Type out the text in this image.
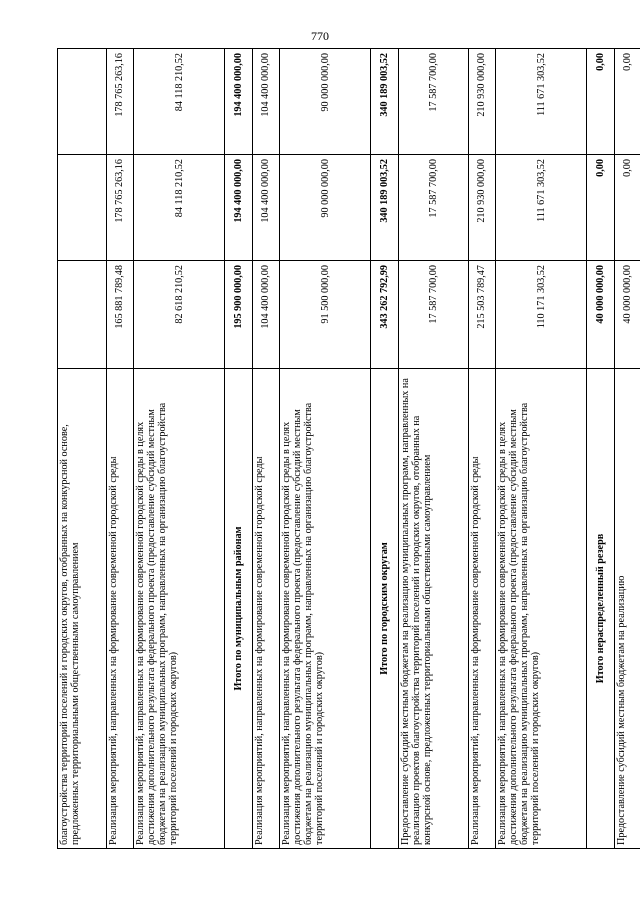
770
благоустройства территорий поселений и городских округов, отобранных на конкурсной основе, предложенных территориальными общественными самоуправлением			
Реализация мероприятий, направленных на формирование современной городской среды	165 881 789,48	178 765 263,16	178 765 263,16
Реализация мероприятий, направленных на формирование современной городской среды в целях достижения дополнительного результата федерального проекта (предоставление субсидий местным бюджетам на реализацию муниципальных программ, направленных на организацию благоустройства территорий поселений и городских округов)	82 618 210,52	84 118 210,52	84 118 210,52
Итого по муниципальным районам	195 900 000,00	194 400 000,00	194 400 000,00
Реализация мероприятий, направленных на формирование современной городской среды	104 400 000,00	104 400 000,00	104 400 000,00
Реализация мероприятий, направленных на формирование современной городской среды в целях достижения дополнительного результата федерального проекта (предоставление субсидий местным бюджетам на реализацию муниципальных программ, направленных на организацию благоустройства территорий поселений и городских округов)	91 500 000,00	90 000 000,00	90 000 000,00
Итого по городским округам	343 262 792,99	340 189 003,52	340 189 003,52
Предоставление субсидий местным бюджетам на реализацию муниципальных программ, направленных на реализацию проектов благоустройства территорий поселений и городских округов, отобранных на конкурсной основе, предложенных территориальными общественными самоуправлением	17 587 700,00	17 587 700,00	17 587 700,00
Реализация мероприятий, направленных на формирование современной городской среды	215 503 789,47	210 930 000,00	210 930 000,00
Реализация мероприятий, направленных на формирование современной городской среды в целях достижения дополнительного результата федерального проекта (предоставление субсидий местным бюджетам на реализацию муниципальных программ, направленных на организацию благоустройства территорий поселений и городских округов)	110 171 303,52	111 671 303,52	111 671 303,52
Итого нераспределенный резерв	40 000 000,00	0,00	0,00
Предоставление субсидий местным бюджетам на реализацию	40 000 000,00	0,00	0,00
